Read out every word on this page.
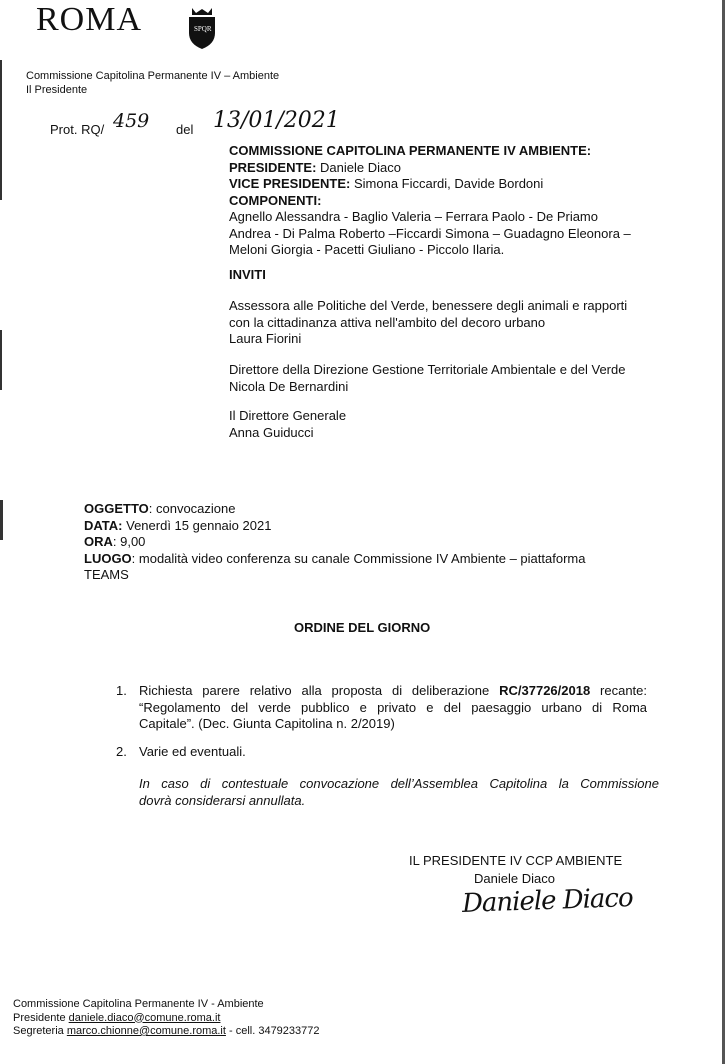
ROMA	SPQR
Commissione Capitolina Permanente IV – Ambiente
Il Presidente
Prot. RQ/ 459 del 13/01/2021
COMMISSIONE CAPITOLINA PERMANENTE IV AMBIENTE:
PRESIDENTE: Daniele Diaco
VICE PRESIDENTE: Simona Ficcardi, Davide Bordoni
COMPONENTI:
Agnello Alessandra - Baglio Valeria – Ferrara Paolo - De Priamo
Andrea - Di Palma Roberto –Ficcardi Simona – Guadagno Eleonora –
Meloni Giorgia - Pacetti Giuliano - Piccolo Ilaria.
INVITI
Assessora alle Politiche del Verde, benessere degli animali e rapporti
con la cittadinanza attiva nell'ambito del decoro urbano
Laura Fiorini
Direttore della Direzione Gestione Territoriale Ambientale e del Verde
Nicola De Bernardini
Il Direttore Generale
Anna Guiducci
OGGETTO: convocazione
DATA: Venerdì 15 gennaio 2021
ORA: 9,00
LUOGO: modalità video conferenza su canale Commissione IV Ambiente – piattaforma
TEAMS
ORDINE DEL GIORNO
1. Richiesta parere relativo alla proposta di deliberazione RC/37726/2018 recante:
“Regolamento del verde pubblico e privato e del paesaggio urbano di Roma
Capitale”. (Dec. Giunta Capitolina n. 2/2019)
2. Varie ed eventuali.
In caso di contestuale convocazione dell’Assemblea Capitolina la Commissione
dovrà considerarsi annullata.
IL PRESIDENTE IV CCP AMBIENTE
Daniele Diaco
Daniele Diaco
Commissione Capitolina Permanente IV - Ambiente
Presidente daniele.diaco@comune.roma.it
Segreteria marco.chionne@comune.roma.it - cell. 3479233772
